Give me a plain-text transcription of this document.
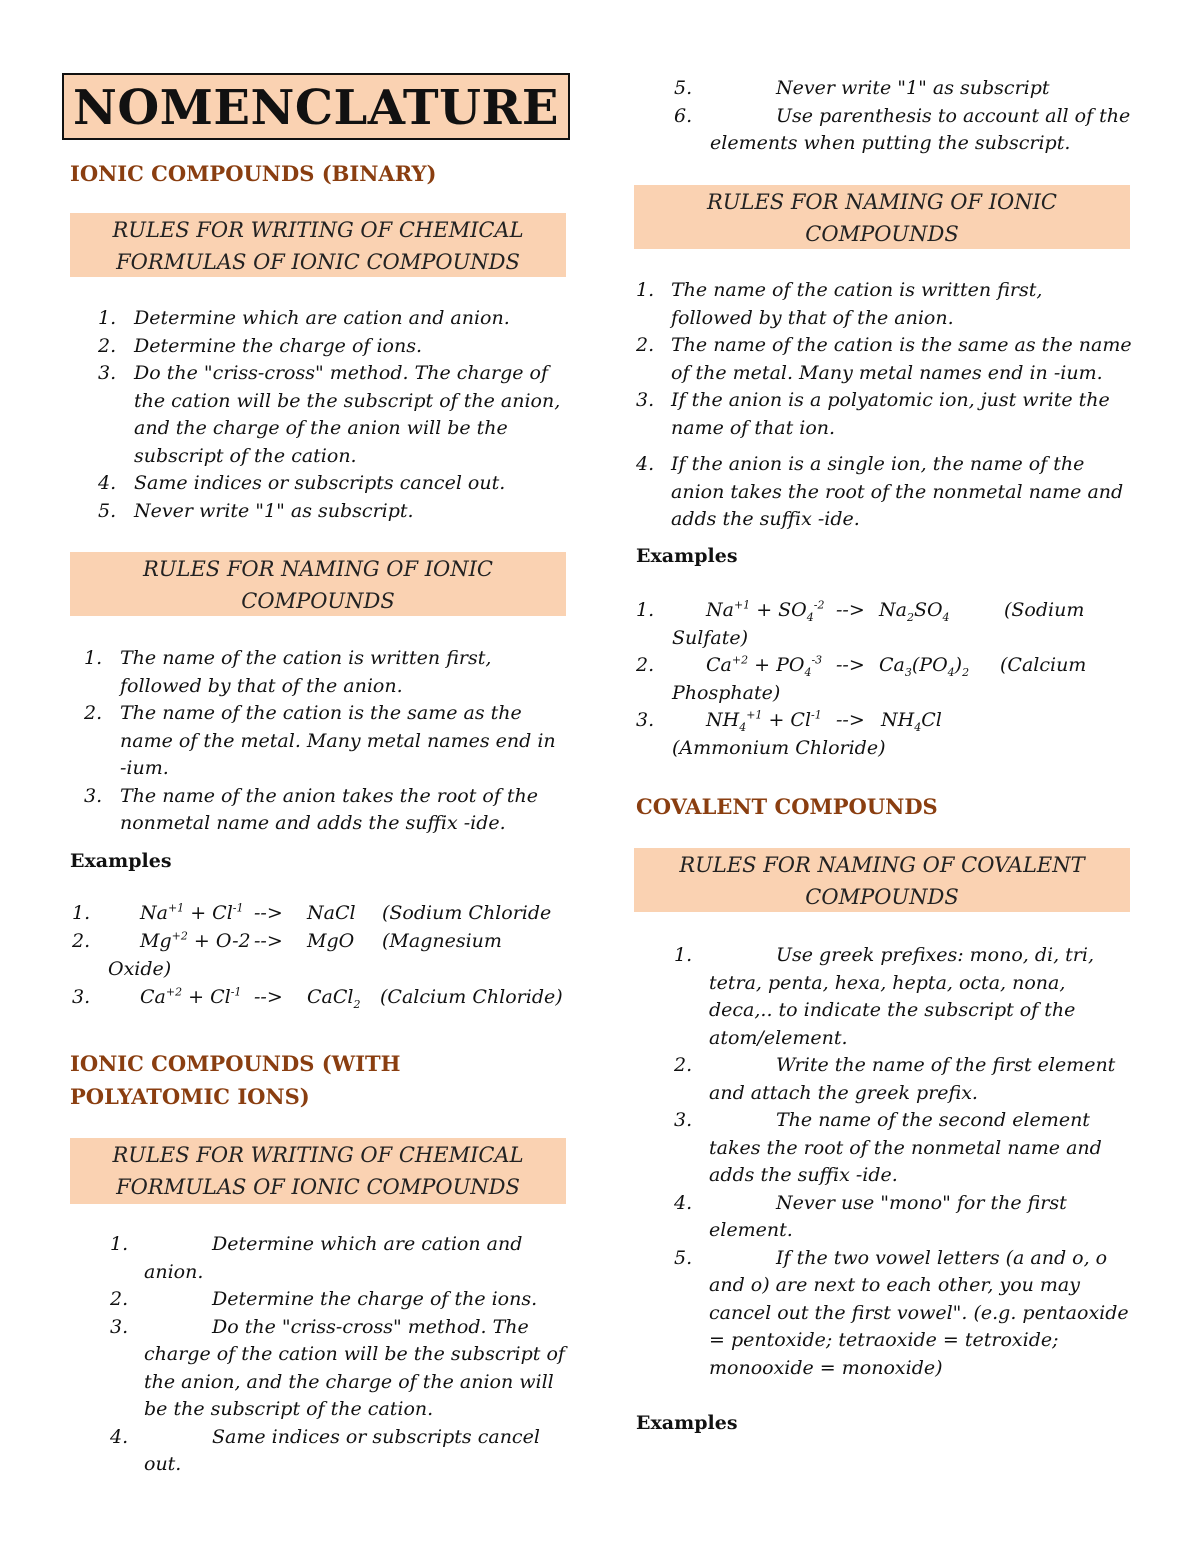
NOMENCLATURE
IONIC COMPOUNDS (BINARY)
RULES FOR WRITING OF CHEMICAL
FORMULAS OF IONIC COMPOUNDS
1. Determine which are cation and anion.
2. Determine the charge of ions.
3. Do the "criss-cross" method. The charge of
the cation will be the subscript of the anion,
and the charge of the anion will be the
subscript of the cation.
4. Same indices or subscripts cancel out.
5. Never write "1" as subscript.
RULES FOR NAMING OF IONIC
COMPOUNDS
1. The name of the cation is written first,
followed by that of the anion.
2. The name of the cation is the same as the
name of the metal. Many metal names end in
-ium.
3. The name of the anion takes the root of the
nonmetal name and adds the suffix -ide.
Examples
1.	$Na^{+1} + Cl^{-1}$ --> NaCl (Sodium Chloride
2.	$Mg^{+2} + O-2$ --> MgO (Magnesium
Oxide)
3.	$Ca^{+2} + Cl^{-1}$ --> CaCl$_2$ (Calcium Chloride)
IONIC COMPOUNDS (WITH
POLYATOMIC IONS)
RULES FOR WRITING OF CHEMICAL
FORMULAS OF IONIC COMPOUNDS
1.	Determine which are cation and
anion.
2.	Determine the charge of the ions.
3.	Do the "criss-cross" method. The
charge of the cation will be the subscript of
the anion, and the charge of the anion will
be the subscript of the cation.
4.	Same indices or subscripts cancel
out.
5.	Never write "1" as subscript
6.	Use parenthesis to account all of the
elements when putting the subscript.
RULES FOR NAMING OF IONIC
COMPOUNDS
1. The name of the cation is written first,
followed by that of the anion.
2. The name of the cation is the same as the name
of the metal. Many metal names end in -ium.
3. If the anion is a polyatomic ion, just write the
name of that ion.
4. If the anion is a single ion, the name of the
anion takes the root of the nonmetal name and
adds the suffix -ide.
Examples
1.	$Na^{+1} + SO_4^{-2}$ --> $Na_2SO_4$	(Sodium
Sulfate)
2.	$Ca^{+2} + PO_4^{-3}$ --> $Ca_3(PO_4)_2$ (Calcium
Phosphate)
3.	$NH_4^{+1} + Cl^{-1}$ --> $NH_4Cl$
(Ammonium Chloride)
COVALENT COMPOUNDS
RULES FOR NAMING OF COVALENT
COMPOUNDS
1.	Use greek prefixes: mono, di, tri,
tetra, penta, hexa, hepta, octa, nona,
deca,.. to indicate the subscript of the
atom/element.
2.	Write the name of the first element
and attach the greek prefix.
3.	The name of the second element
takes the root of the nonmetal name and
adds the suffix -ide.
4.	Never use "mono" for the first
element.
5.	If the two vowel letters (a and o, o
and o) are next to each other, you may
cancel out the first vowel". (e.g. pentaoxide
= pentoxide; tetraoxide = tetroxide;
monooxide = monoxide)
Examples
